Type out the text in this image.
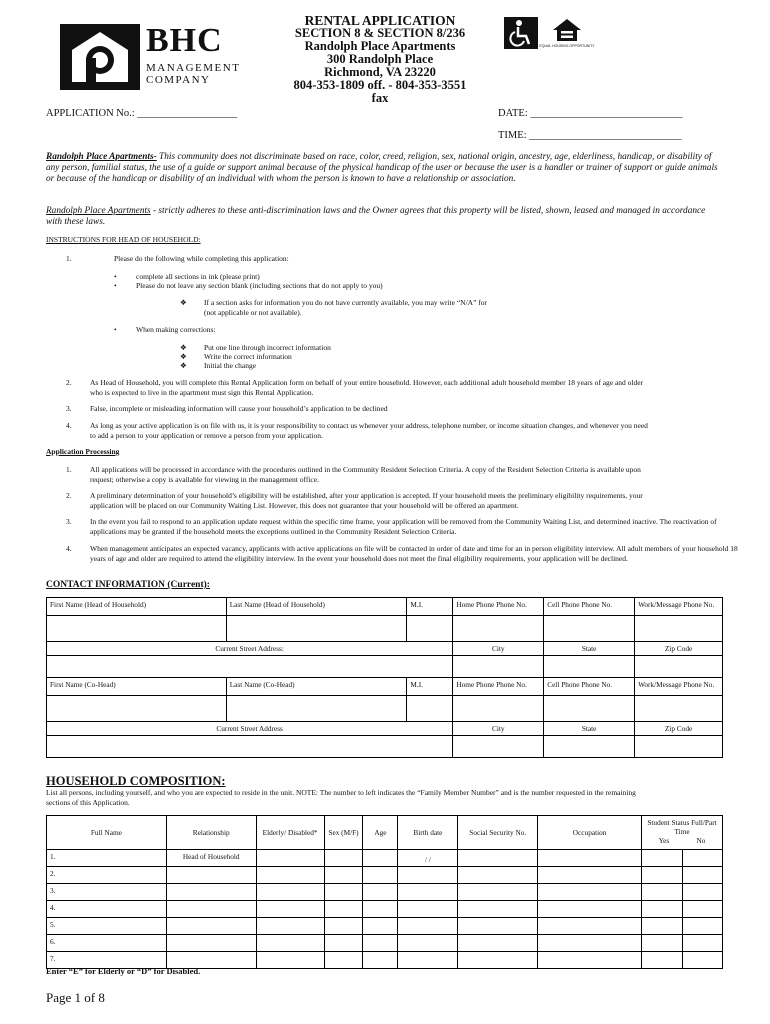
BHC
MANAGEMENT
COMPANY
RENTAL APPLICATION
SECTION 8 & SECTION 8/236
Randolph Place Apartments
300 Randolph Place
Richmond, VA 23220
804-353-1809 off. - 804-353-3551
fax

EQUAL HOUSING OPPORTUNITY
APPLICATION No.: ___________________	DATE: _____________________________
TIME: _____________________________
Randolph Place Apartments- This community does not discriminate based on race, color, creed, religion, sex, national origin, ancestry, age, elderliness, handicap, or disability of any person, familial status, the use of a guide or support animal because of the physical handicap of the user or because the user is a handler or trainer of support or guide animals or because of the handicap or disability of an individual with whom the person is known to have a relationship or association.
Randolph Place Apartments - strictly adheres to these anti-discrimination laws and the Owner agrees that this property will be listed, shown, leased and managed in accordance with these laws.
INSTRUCTIONS FOR HEAD OF HOUSEHOLD:
1.	Please do the following while completing this application:
•	complete all sections in ink (please print)
•	Please do not leave any section blank (including sections that do not apply to you)
❖ If a section asks for information you do not have currently available, you may write “N/A” for (not applicable or not available).
•	When making corrections:
❖ Put one line through incorrect information
❖ Write the correct information
❖ Initial the change
2. As Head of Household, you will complete this Rental Application form on behalf of your entire household. However, each additional adult household member 18 years of age and older who is expected to live in the apartment must sign this Rental Application.
3. False, incomplete or misleading information will cause your household’s application to be declined
4. As long as your active application is on file with us, it is your responsibility to contact us whenever your address, telephone number, or income situation changes, and whenever you need to add a person to your application or remove a person from your application.
Application Processing
1. All applications will be processed in accordance with the procedures outlined in the Community Resident Selection Criteria. A copy of the Resident Selection Criteria is available upon request; otherwise a copy is available for viewing in the management office.
2. A preliminary determination of your household’s eligibility will be established, after your application is accepted. If your household meets the preliminary eligibility requirements, your application will be placed on our Community Waiting List. However, this does not guarantee that your household will be offered an apartment.
3. In the event you fail to respond to an application update request within the specific time frame, your application will be removed from the Community Waiting List, and determined inactive. The reactivation of applications may be granted if the household meets the exceptions outlined in the Community Resident Selection Criteria.
4. When management anticipates an expected vacancy, applicants with active applications on file will be contacted in order of date and time for an in person eligibility interview. All adult members of your household 18 years of age and older are required to attend the eligibility interview. In the event your household does not meet the final eligibility requirements, your application will be declined.
CONTACT INFORMATION (Current):
First Name (Head of Household)	Last Name (Head of Household)	M.I.	Home Phone Phone No.	Cell Phone Phone No.	Work/Message Phone No.

Current Street Address:			City	State	Zip Code

First Name (Co-Head)	Last Name (Co-Head)	M.I.	Home Phone Phone No.	Cell Phone Phone No.	Work/Message Phone No.

Current Street Address			City	State	Zip Code

HOUSEHOLD COMPOSITION:
List all persons, including yourself, and who you are expected to reside in the unit. NOTE: The number to left indicates the “Family Member Number” and is the number requested in the remaining sections of this Application.
Full Name	Relationship	Elderly/ Disabled*	Sex (M/F)	Age	Birth date	Social Security No.	Occupation	Student Status Full/Part Time
Yes No	

1.	Head of Household				/ /				
2.									
3.									
4.									
5.									
6.									
7.									
Enter “E” for Elderly or “D” for Disabled.
Page 1 of 8
